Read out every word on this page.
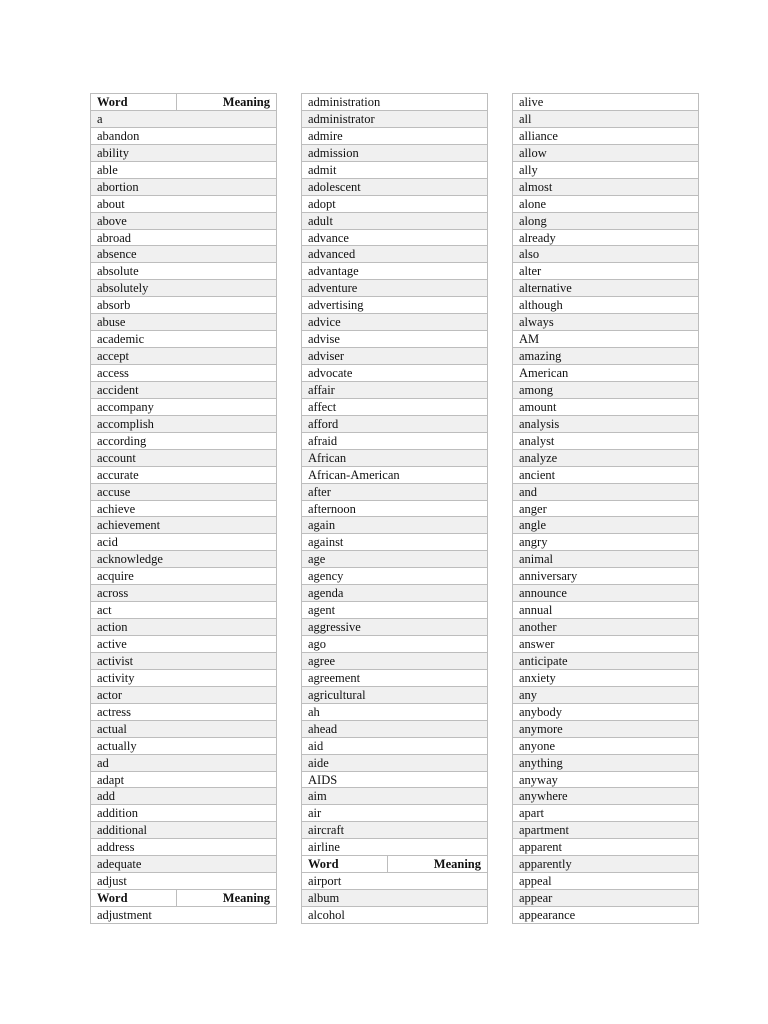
Word	Meaning
a
abandon
ability
able
abortion
about
above
abroad
absence
absolute
absolutely
absorb
abuse
academic
accept
access
accident
accompany
accomplish
according
account
accurate
accuse
achieve
achievement
acid
acknowledge
acquire
across
act
action
active
activist
activity
actor
actress
actual
actually
ad
adapt
add
addition
additional
address
adequate
adjust
Word	Meaning
adjustment
administration
administrator
admire
admission
admit
adolescent
adopt
adult
advance
advanced
advantage
adventure
advertising
advice
advise
adviser
advocate
affair
affect
afford
afraid
African
African-American
after
afternoon
again
against
age
agency
agenda
agent
aggressive
ago
agree
agreement
agricultural
ah
ahead
aid
aide
AIDS
aim
air
aircraft
airline
Word	Meaning
airport
album
alcohol
alive
all
alliance
allow
ally
almost
alone
along
already
also
alter
alternative
although
always
AM
amazing
American
among
amount
analysis
analyst
analyze
ancient
and
anger
angle
angry
animal
anniversary
announce
annual
another
answer
anticipate
anxiety
any
anybody
anymore
anyone
anything
anyway
anywhere
apart
apartment
apparent
apparently
appeal
appear
appearance
